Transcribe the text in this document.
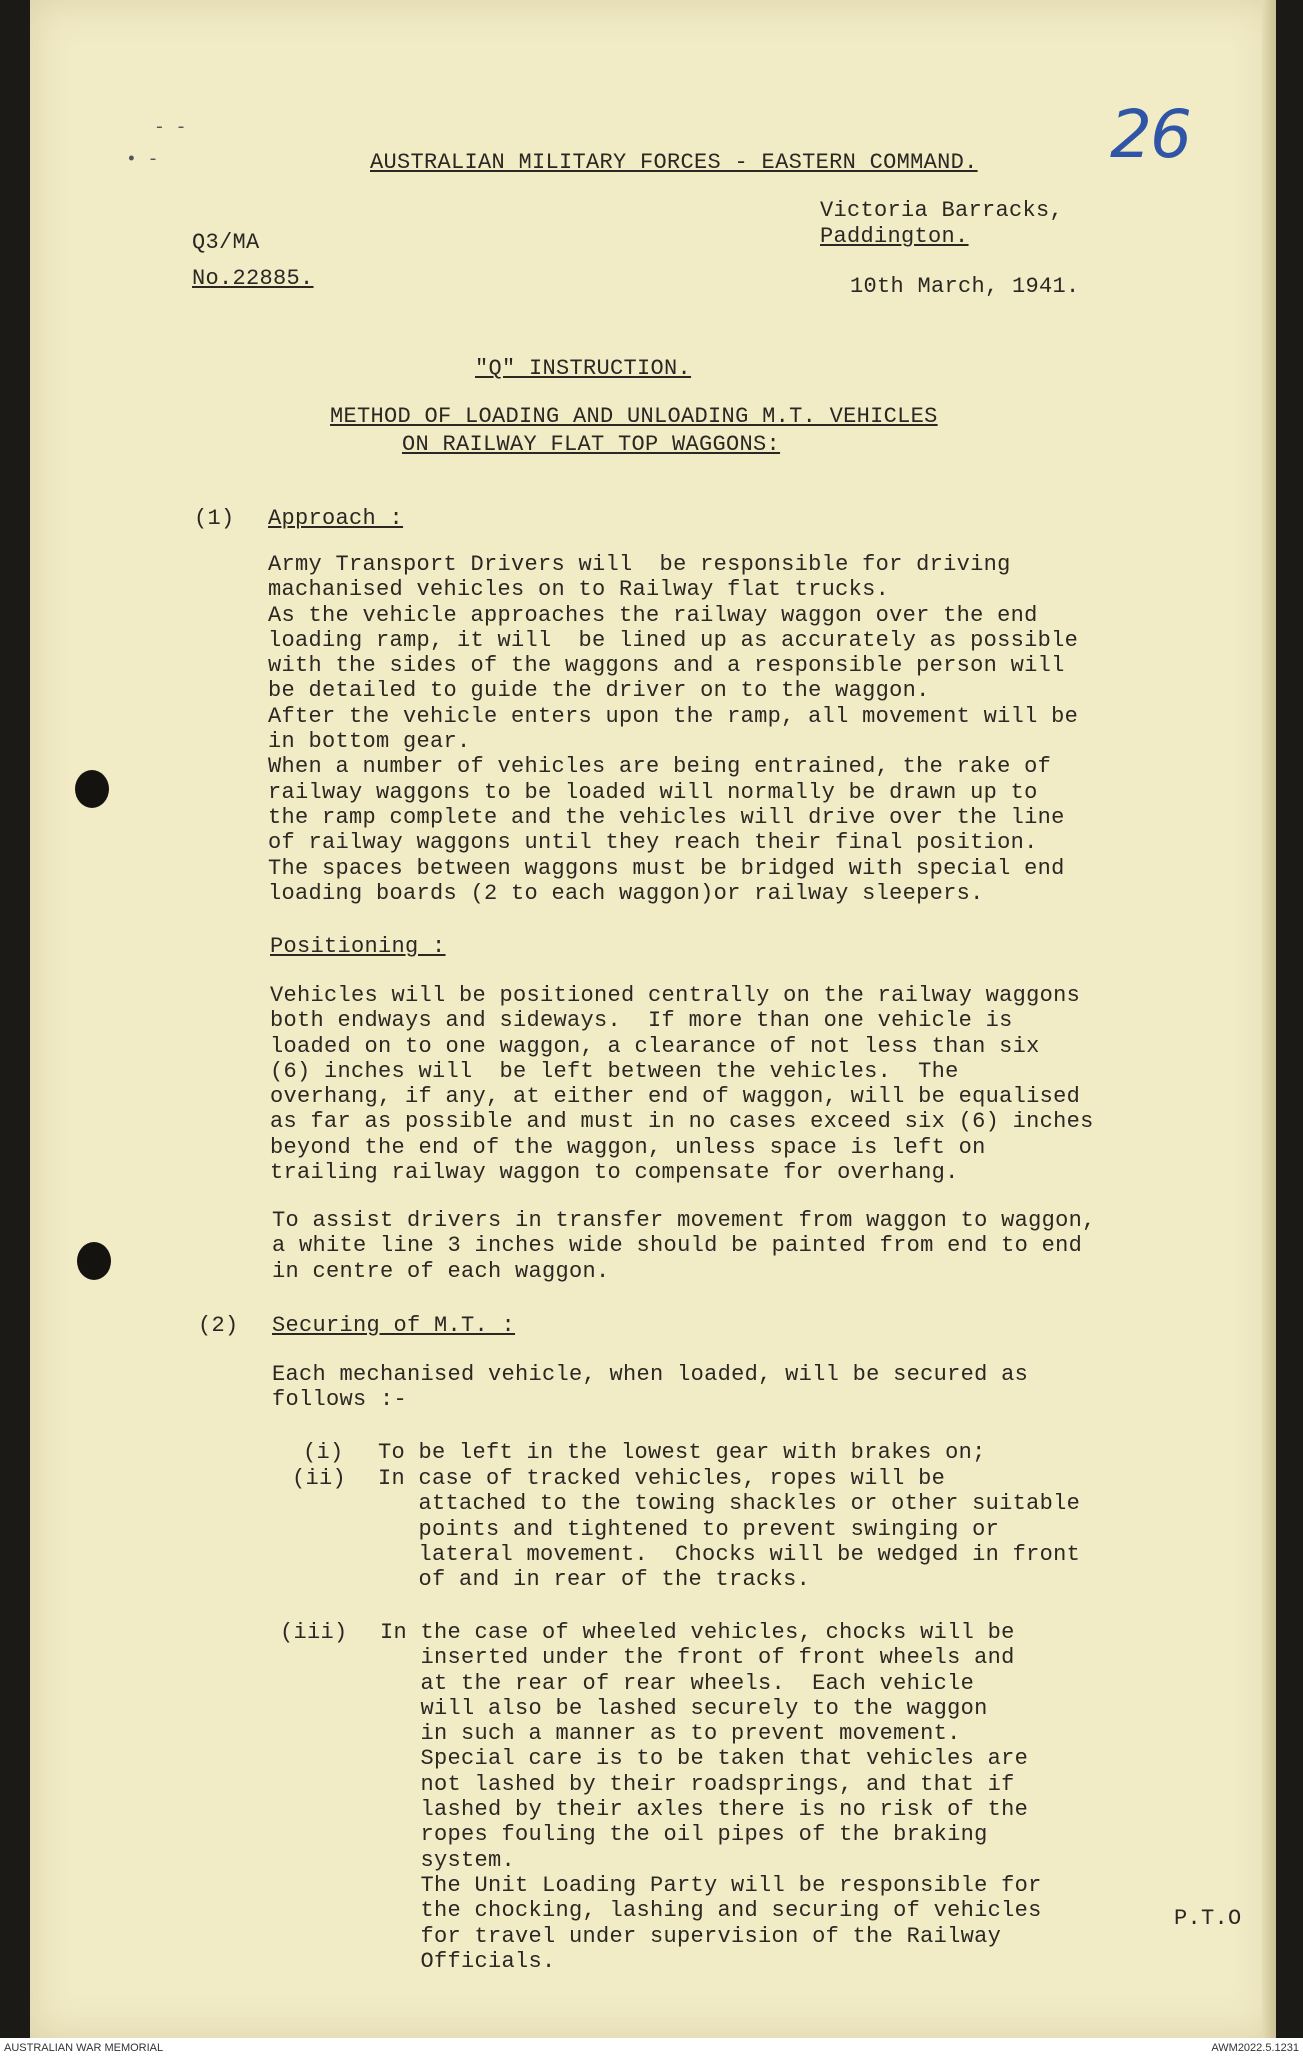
26
- -
• -	AUSTRALIAN MILITARY FORCES - EASTERN COMMAND.
Victoria Barracks,
Paddington.
Q3/MA
No.22885.	10th March, 1941.
"Q" INSTRUCTION.
METHOD OF LOADING AND UNLOADING M.T. VEHICLES
ON RAILWAY FLAT TOP WAGGONS:
(1) Approach :
Army Transport Drivers will  be responsible for driving
machanised vehicles on to Railway flat trucks.
As the vehicle approaches the railway waggon over the end
loading ramp, it will  be lined up as accurately as possible
with the sides of the waggons and a responsible person will
be detailed to guide the driver on to the waggon.
After the vehicle enters upon the ramp, all movement will be
in bottom gear.
When a number of vehicles are being entrained, the rake of
railway waggons to be loaded will normally be drawn up to
the ramp complete and the vehicles will drive over the line
of railway waggons until they reach their final position.
The spaces between waggons must be bridged with special end
loading boards (2 to each waggon)or railway sleepers.
Positioning :
Vehicles will be positioned centrally on the railway waggons
both endways and sideways.  If more than one vehicle is
loaded on to one waggon, a clearance of not less than six
(6) inches will  be left between the vehicles.  The
overhang, if any, at either end of waggon, will be equalised
as far as possible and must in no cases exceed six (6) inches
beyond the end of the waggon, unless space is left on
trailing railway waggon to compensate for overhang.
To assist drivers in transfer movement from waggon to waggon,
a white line 3 inches wide should be painted from end to end
in centre of each waggon.
(2) Securing of M.T. :
Each mechanised vehicle, when loaded, will be secured as
follows :-
(i) To be left in the lowest gear with brakes on;
(ii) In case of tracked vehicles, ropes will be
attached to the towing shackles or other suitable
points and tightened to prevent swinging or
lateral movement.  Chocks will be wedged in front
of and in rear of the tracks.
(iii) In the case of wheeled vehicles, chocks will be
inserted under the front of front wheels and
at the rear of rear wheels.  Each vehicle
will also be lashed securely to the waggon
in such a manner as to prevent movement.
Special care is to be taken that vehicles are
not lashed by their roadsprings, and that if
lashed by their axles there is no risk of the
ropes fouling the oil pipes of the braking
system.
The Unit Loading Party will be responsible for
the chocking, lashing and securing of vehicles
for travel under supervision of the Railway
Officials.
P.T.O
AUSTRALIAN WAR MEMORIAL	AWM2022.5.1231
